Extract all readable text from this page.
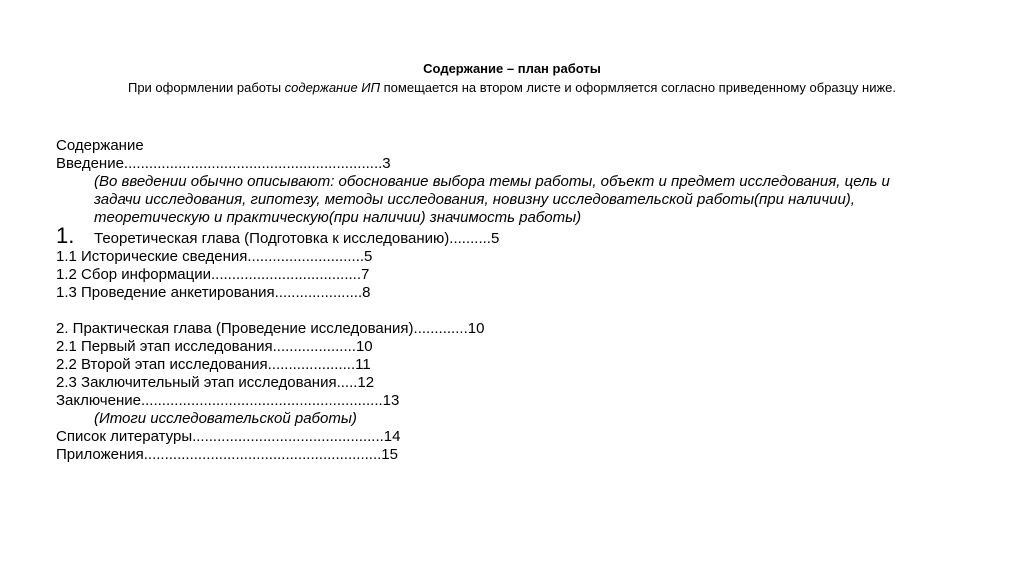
Содержание – план работы
При оформлении работы содержание ИП помещается на втором листе и оформляется согласно приведенному образцу ниже.
Содержание
Введение..............................................................3
(Во введении обычно описывают: обоснование выбора темы работы, объект и предмет исследования, цель и задачи исследования, гипотезу, методы исследования, новизну исследовательской работы(при наличии), теоретическую и практическую(при наличии) значимость работы)
1. Теоретическая глава (Подготовка к исследованию)..........5
1.1 Исторические сведения............................5
1.2 Сбор информации....................................7
1.3 Проведение анкетирования.....................8
2. Практическая глава (Проведение исследования).............10
2.1 Первый этап исследования....................10
2.2 Второй этап исследования.....................11
2.3 Заключительный этап исследования.....12
Заключение..........................................................13
(Итоги исследовательской работы)
Список литературы..............................................14
Приложения.........................................................15
